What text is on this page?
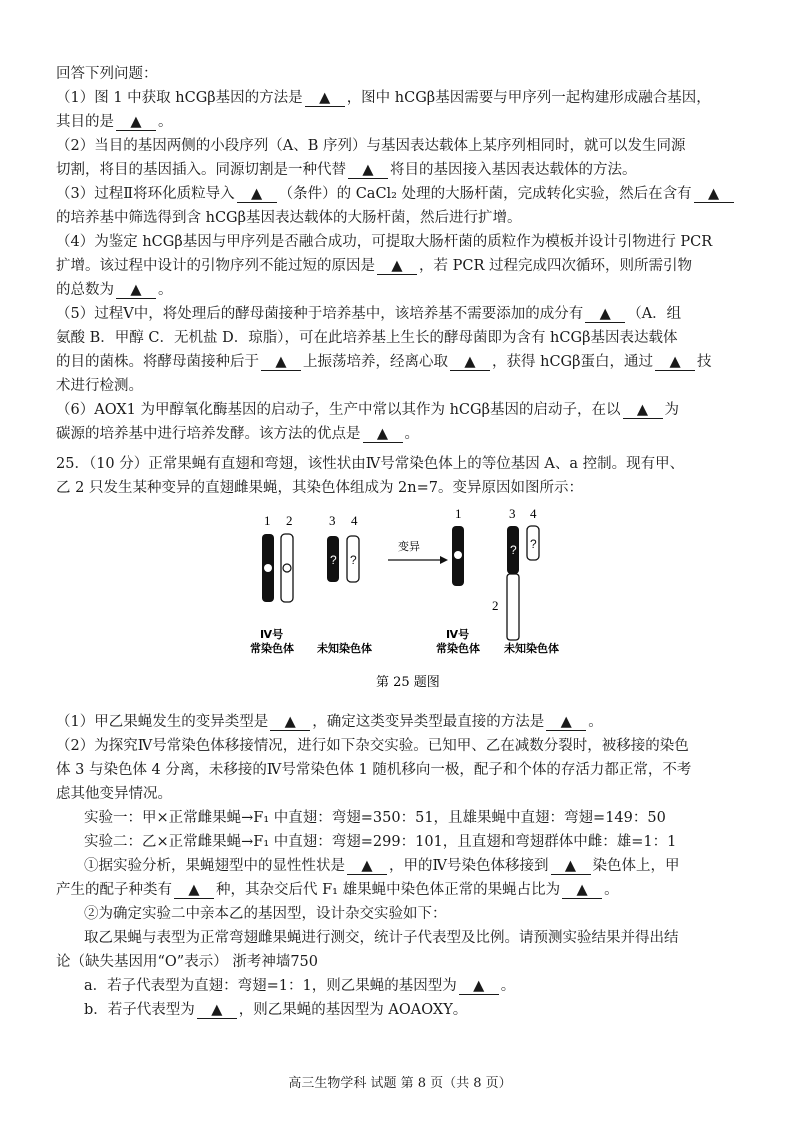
回答下列问题：
（1）图 1 中获取 hCGβ基因的方法是 ▲ ，图中 hCGβ基因需要与甲序列一起构建形成融合基因，
其目的是 ▲ 。
（2）当目的基因两侧的小段序列（A、B 序列）与基因表达载体上某序列相同时，就可以发生同源
切割，将目的基因插入。同源切割是一种代替 ▲ 将目的基因接入基因表达载体的方法。
（3）过程Ⅱ将环化质粒导入 ▲ （条件）的 CaCl₂ 处理的大肠杆菌，完成转化实验，然后在含有 ▲
的培养基中筛选得到含 hCGβ基因表达载体的大肠杆菌，然后进行扩增。
（4）为鉴定 hCGβ基因与甲序列是否融合成功，可提取大肠杆菌的质粒作为模板并设计引物进行 PCR
扩增。该过程中设计的引物序列不能过短的原因是 ▲ ，若 PCR 过程完成四次循环，则所需引物
的总数为 ▲ 。
（5）过程Ⅴ中，将处理后的酵母菌接种于培养基中，该培养基不需要添加的成分有 ▲ （A．组
氨酸 B．甲醇 C．无机盐 D．琼脂），可在此培养基上生长的酵母菌即为含有 hCGβ基因表达载体
的目的菌株。将酵母菌接种后于 ▲ 上振荡培养，经离心取 ▲ ，获得 hCGβ蛋白，通过 ▲ 技
术进行检测。
（6）AOX1 为甲醇氧化酶基因的启动子，生产中常以其作为 hCGβ基因的启动子，在以 ▲ 为
碳源的培养基中进行培养发酵。该方法的优点是 ▲ 。
25．（10 分）正常果蝇有直翅和弯翅，该性状由Ⅳ号常染色体上的等位基因 A、a 控制。现有甲、
乙 2 只发生某种变异的直翅雌果蝇，其染色体组成为 2n=7。变异原因如图所示：
1 2	3 4
? ?
变异
1	3
?
2
4
?
Ⅳ号
常染色体 未知染色体
Ⅳ号
常染色体 未知染色体
第 25 题图
（1）甲乙果蝇发生的变异类型是 ▲ ，确定这类变异类型最直接的方法是 ▲ 。
（2）为探究Ⅳ号常染色体移接情况，进行如下杂交实验。已知甲、乙在减数分裂时，被移接的染色
体 3 与染色体 4 分离，未移接的Ⅳ号常染色体 1 随机移向一极，配子和个体的存活力都正常，不考
虑其他变异情况。
实验一：甲×正常雌果蝇→F₁ 中直翅：弯翅=350：51，且雄果蝇中直翅：弯翅=149：50
实验二：乙×正常雌果蝇→F₁ 中直翅：弯翅=299：101，且直翅和弯翅群体中雌：雄=1：1
①据实验分析，果蝇翅型中的显性性状是 ▲ ，甲的Ⅳ号染色体移接到 ▲ 染色体上，甲
产生的配子种类有 ▲ 种，其杂交后代 F₁ 雄果蝇中染色体正常的果蝇占比为 ▲ 。
②为确定实验二中亲本乙的基因型，设计杂交实验如下：
取乙果蝇与表型为正常弯翅雌果蝇进行测交，统计子代表型及比例。请预测实验结果并得出结
论（缺失基因用“O”表示） 浙考神墙750
a．若子代表型为直翅：弯翅=1：1，则乙果蝇的基因型为 ▲ 。
b．若子代表型为 ▲ ，则乙果蝇的基因型为 AOAOXY。
高三生物学科 试题 第 8 页（共 8 页）
